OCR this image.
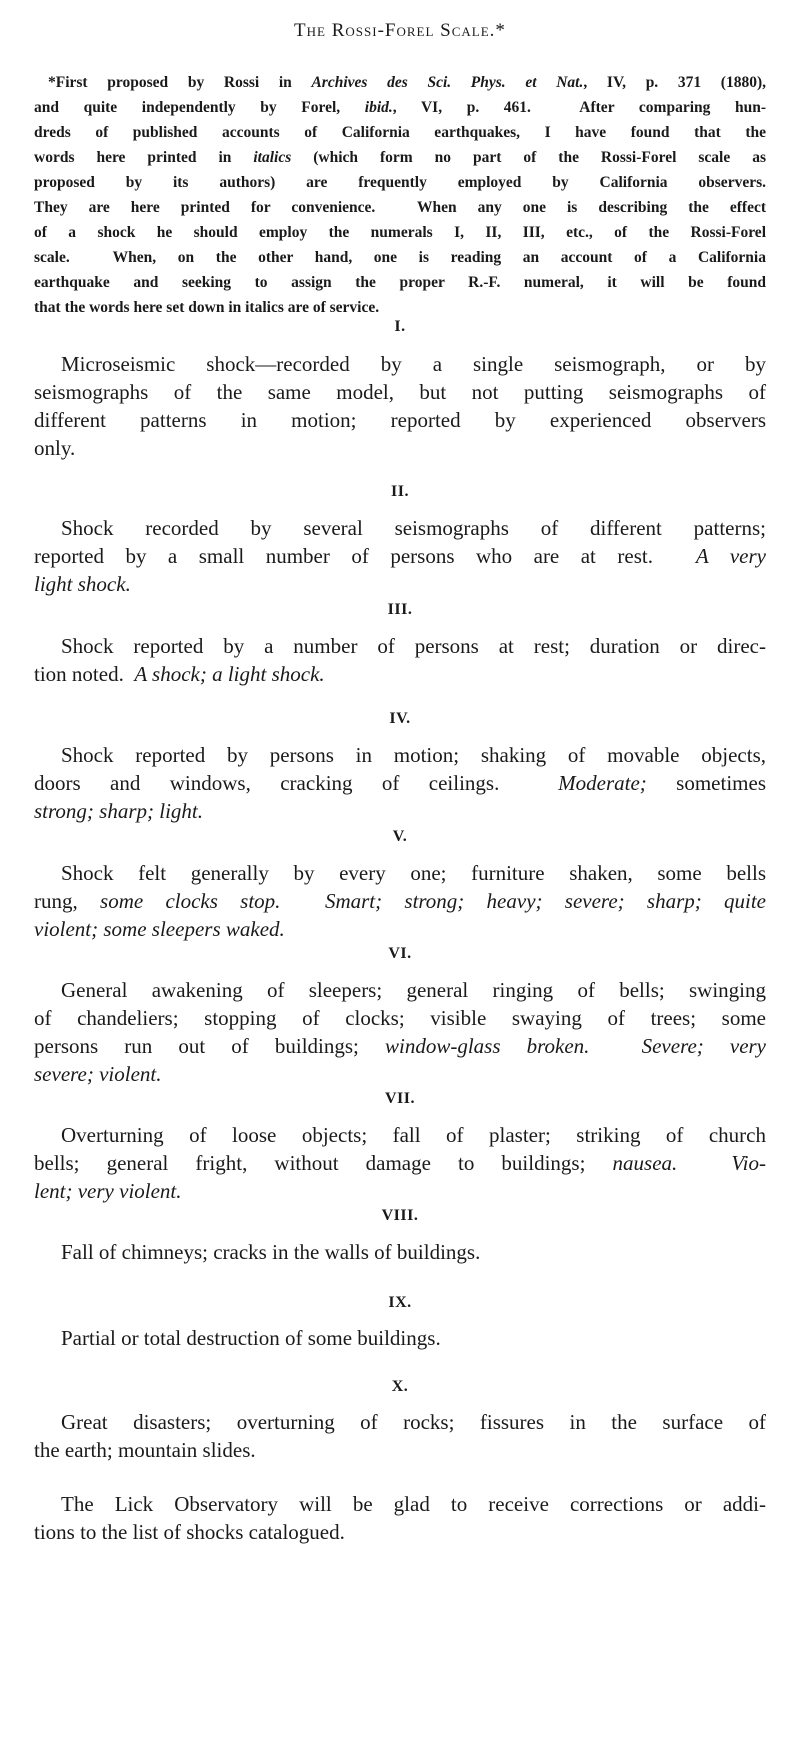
The Rossi-Forel Scale.*
*First proposed by Rossi in Archives des Sci. Phys. et Nat., IV, p. 371 (1880),
and quite independently by Forel, ibid., VI, p. 461.  After comparing hun-
dreds of published accounts of California earthquakes, I have found that the
words here printed in italics (which form no part of the Rossi-Forel scale as
proposed by its authors) are frequently employed by California observers.
They are here printed for convenience.  When any one is describing the effect
of a shock he should employ the numerals I, II, III, etc., of the Rossi-Forel
scale.  When, on the other hand, one is reading an account of a California
earthquake and seeking to assign the proper R.-F. numeral, it will be found
that the words here set down in italics are of service.
I.
Microseismic shock—recorded by a single seismograph, or by
seismographs of the same model, but not putting seismographs of
different patterns in motion; reported by experienced observers
only.
II.
Shock recorded by several seismographs of different patterns;
reported by a small number of persons who are at rest.  A very
light shock.
III.
Shock reported by a number of persons at rest; duration or direc-
tion noted.  A shock; a light shock.
IV.
Shock reported by persons in motion; shaking of movable objects,
doors and windows, cracking of ceilings.  Moderate; sometimes
strong; sharp; light.
V.
Shock felt generally by every one; furniture shaken, some bells
rung, some clocks stop.  Smart; strong; heavy; severe; sharp; quite
violent; some sleepers waked.
VI.
General awakening of sleepers; general ringing of bells; swinging
of chandeliers; stopping of clocks; visible swaying of trees; some
persons run out of buildings; window-glass broken.  Severe; very
severe; violent.
VII.
Overturning of loose objects; fall of plaster; striking of church
bells; general fright, without damage to buildings; nausea.  Vio-
lent; very violent.
VIII.
Fall of chimneys; cracks in the walls of buildings.
IX.
Partial or total destruction of some buildings.
X.
Great disasters; overturning of rocks; fissures in the surface of
the earth; mountain slides.
The Lick Observatory will be glad to receive corrections or addi-
tions to the list of shocks catalogued.
